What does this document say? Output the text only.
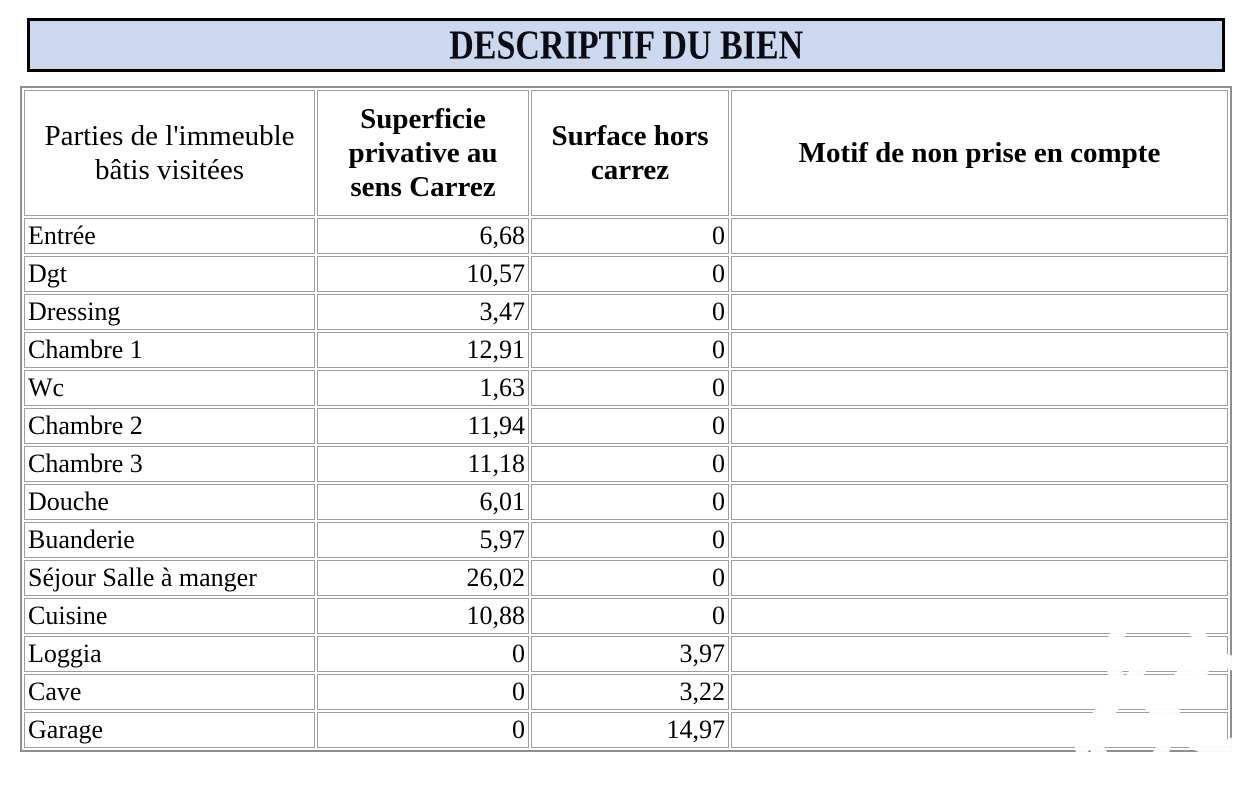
DESCRIPTIF DU BIEN
Parties de l'immeuble bâtis visitées	Superficie privative au sens Carrez	Surface hors carrez	Motif de non prise en compte
Entrée	6,68	0	
Dgt	10,57	0	
Dressing	3,47	0	
Chambre 1	12,91	0	
Wc	1,63	0	
Chambre 2	11,94	0	
Chambre 3	11,18	0	
Douche	6,01	0	
Buanderie	5,97	0	
Séjour Salle à manger	26,02	0	
Cuisine	10,88	0	
Loggia	0	3,97	
Cave	0	3,22	
Garage	0	14,97	
